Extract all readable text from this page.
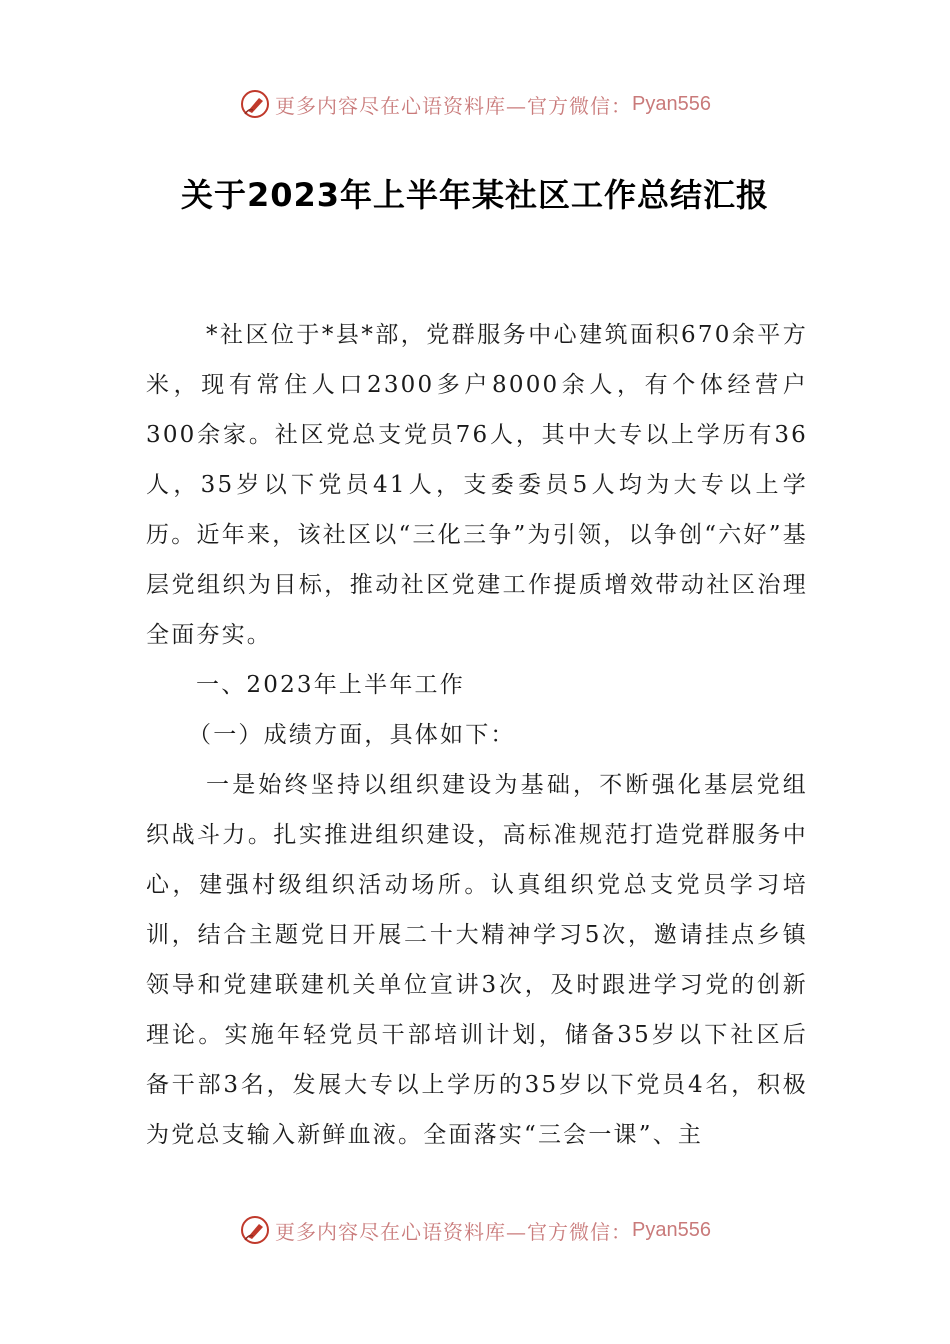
更多内容尽在心语资料库—官方微信： Pyan556
关于2023年上半年某社区工作总结汇报

*社区位于*县*部，党群服务中心建筑面积670余平方米，现有常住人口2300多户8000余人，有个体经营户300余家。社区党总支党员76人，其中大专以上学历有36人，35岁以下党员41人，支委委员5人均为大专以上学历。近年来，该社区以“三化三争”为引领，以争创“六好”基层党组织为目标，推动社区党建工作提质增效带动社区治理全面夯实。

一、2023年上半年工作

（一）成绩方面，具体如下：

一是始终坚持以组织建设为基础，不断强化基层党组织战斗力。扎实推进组织建设，高标准规范打造党群服务中心，建强村级组织活动场所。认真组织党总支党员学习培训，结合主题党日开展二十大精神学习5次，邀请挂点乡镇领导和党建联建机关单位宣讲3次，及时跟进学习党的创新理论。实施年轻党员干部培训计划，储备35岁以下社区后备干部3名，发展大专以上学历的35岁以下党员4名，积极为党总支输入新鲜血液。全面落实“三会一课”、主

更多内容尽在心语资料库—官方微信： Pyan556
